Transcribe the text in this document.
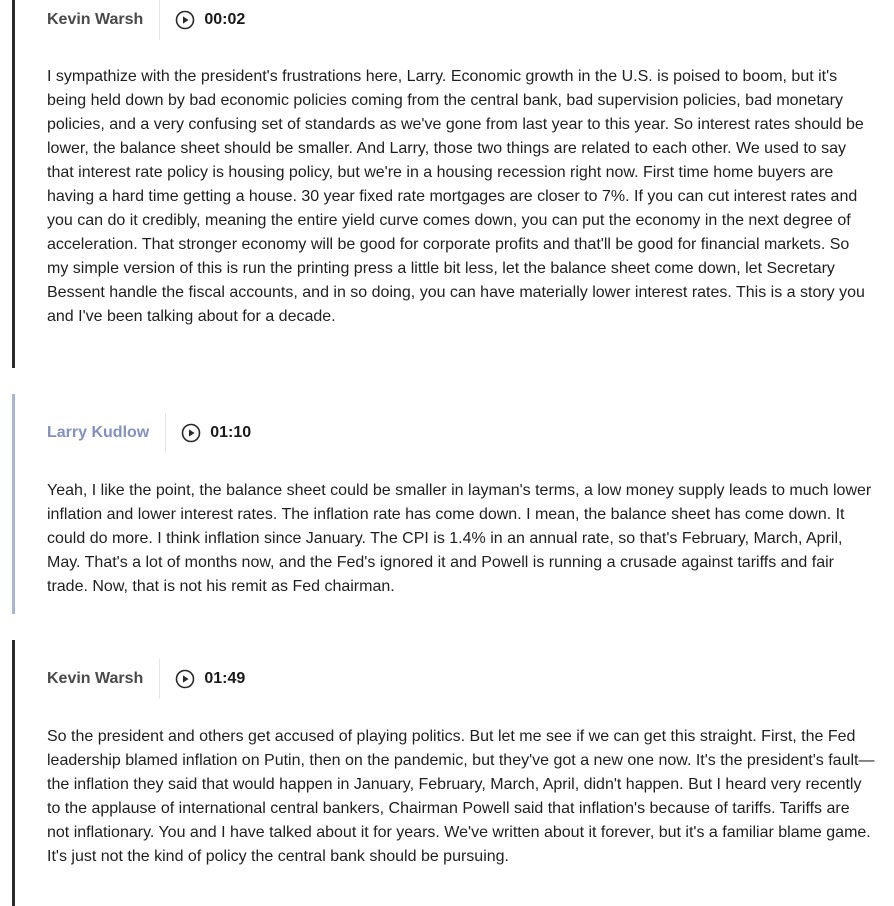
Kevin Warsh	00:02

I sympathize with the president's frustrations here, Larry. Economic growth in the U.S. is poised to boom, but it's being held down by bad economic policies coming from the central bank, bad supervision policies, bad monetary policies, and a very confusing set of standards as we've gone from last year to this year. So interest rates should be lower, the balance sheet should be smaller. And Larry, those two things are related to each other. We used to say that interest rate policy is housing policy, but we're in a housing recession right now. First time home buyers are having a hard time getting a house. 30 year fixed rate mortgages are closer to 7%. If you can cut interest rates and you can do it credibly, meaning the entire yield curve comes down, you can put the economy in the next degree of acceleration. That stronger economy will be good for corporate profits and that'll be good for financial markets. So my simple version of this is run the printing press a little bit less, let the balance sheet come down, let Secretary Bessent handle the fiscal accounts, and in so doing, you can have materially lower interest rates. This is a story you and I've been talking about for a decade.

Larry Kudlow	01:10

Yeah, I like the point, the balance sheet could be smaller in layman's terms, a low money supply leads to much lower inflation and lower interest rates. The inflation rate has come down. I mean, the balance sheet has come down. It could do more. I think inflation since January. The CPI is 1.4% in an annual rate, so that's February, March, April, May. That's a lot of months now, and the Fed's ignored it and Powell is running a crusade against tariffs and fair trade. Now, that is not his remit as Fed chairman.

Kevin Warsh	01:49

So the president and others get accused of playing politics. But let me see if we can get this straight. First, the Fed leadership blamed inflation on Putin, then on the pandemic, but they've got a new one now. It's the president's fault—the inflation they said that would happen in January, February, March, April, didn't happen. But I heard very recently to the applause of international central bankers, Chairman Powell said that inflation's because of tariffs. Tariffs are not inflationary. You and I have talked about it for years. We've written about it forever, but it's a familiar blame game. It's just not the kind of policy the central bank should be pursuing.
